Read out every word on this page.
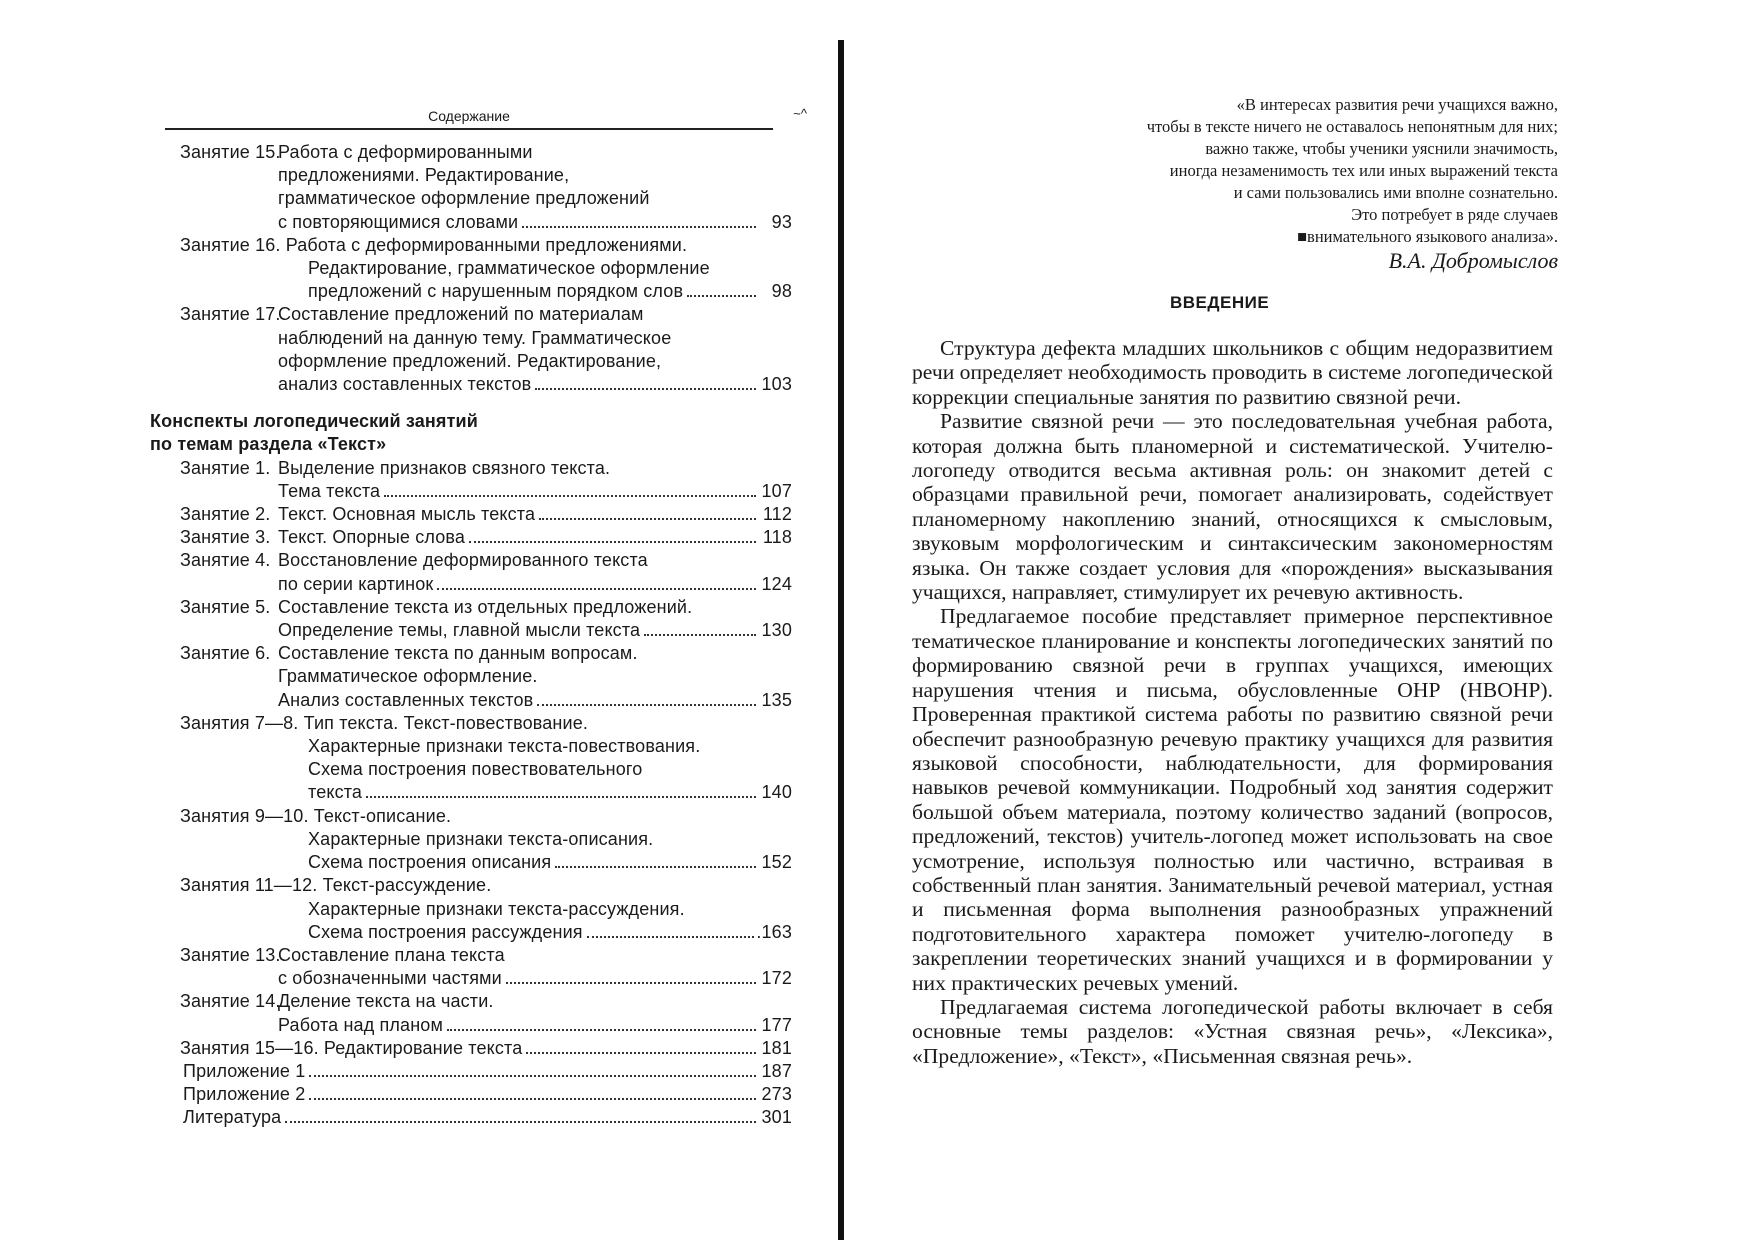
Содержание	~^
Занятие 15.
Работа с деформированными
предложениями. Редактирование,
грамматическое оформление предложений
с повторяющимися словами	93
Занятие 16. Работа с деформированными предложениями.
Редактирование, грамматическое оформление
предложений с нарушенным порядком слов	98
Занятие 17.
Составление предложений по материалам
наблюдений на данную тему. Грамматическое
оформление предложений. Редактирование,
анализ составленных текстов	103
Конспекты логопедический занятий
по темам раздела «Текст»
Занятие 1. Выделение признаков связного текста.
Тема текста	107
Занятие 2. Текст. Основная мысль текста	112
Занятие 3. Текст. Опорные слова	118
Занятие 4. Восстановление деформированного текста
по серии картинок	124
Занятие 5. Составление текста из отдельных предложений.
Определение темы, главной мысли текста	130
Занятие 6. Составление текста по данным вопросам.
Грамматическое оформление.
Анализ составленных текстов	135
Занятия 7—8. Тип текста. Текст-повествование.
Характерные признаки текста-повествования.
Схема построения повествовательного
текста	140
Занятия 9—10. Текст-описание.
Характерные признаки текста-описания.
Схема построения описания	152
Занятия 11—12. Текст-рассуждение.
Характерные признаки текста-рассуждения.
Схема построения рассуждения	.163
Занятие 13.
Составление плана текста
с обозначенными частями	172
Занятие 14.
Деление текста на части.
Работа над планом	177
Занятия 15—16. Редактирование текста	181
Приложение 1	187
Приложение 2	273
Литература	301
«В интересах развития речи учащихся важно,
чтобы в тексте ничего не оставалось непонятным для них;
важно также, чтобы ученики уяснили значимость,
иногда незаменимость тех или иных выражений текста
и сами пользовались ими вполне сознательно.
Это потребует в ряде случаев
■внимательного языкового анализа».
В.А. Добромыслов
ВВЕДЕНИЕ

Структура дефекта младших школьников с общим недоразвитием речи определяет необходимость проводить в системе логопедической коррекции специальные занятия по развитию связной речи.

Развитие связной речи — это последовательная учебная работа, которая должна быть планомерной и систематической. Учителю-логопеду отводится весьма активная роль: он знакомит детей с образцами правильной речи, помогает анализировать, содействует планомерному накоплению знаний, относящихся к смысловым, звуковым морфологическим и синтаксическим закономерностям языка. Он также создает условия для «порождения» высказывания учащихся, направляет, стимулирует их речевую активность.

Предлагаемое пособие представляет примерное перспективное тематическое планирование и конспекты логопедических занятий по формированию связной речи в группах учащихся, имеющих нарушения чтения и письма, обусловленные ОНР (НВОНР). Проверенная практикой система работы по развитию связной речи обеспечит разнообразную речевую практику учащихся для развития языковой способности, наблюдательности, для формирования навыков речевой коммуникации. Подробный ход занятия содержит большой объем материала, поэтому количество заданий (вопросов, предложений, текстов) учитель-логопед может использовать на свое усмотрение, используя полностью или частично, встраивая в собственный план занятия. Занимательный речевой материал, устная и письменная форма выполнения разнообразных упражнений подготовительного характера поможет учителю-логопеду в закреплении теоретических знаний учащихся и в формировании у них практических речевых умений.

Предлагаемая система логопедической работы включает в себя основные темы разделов: «Устная связная речь», «Лексика», «Предложение», «Текст», «Письменная связная речь».
